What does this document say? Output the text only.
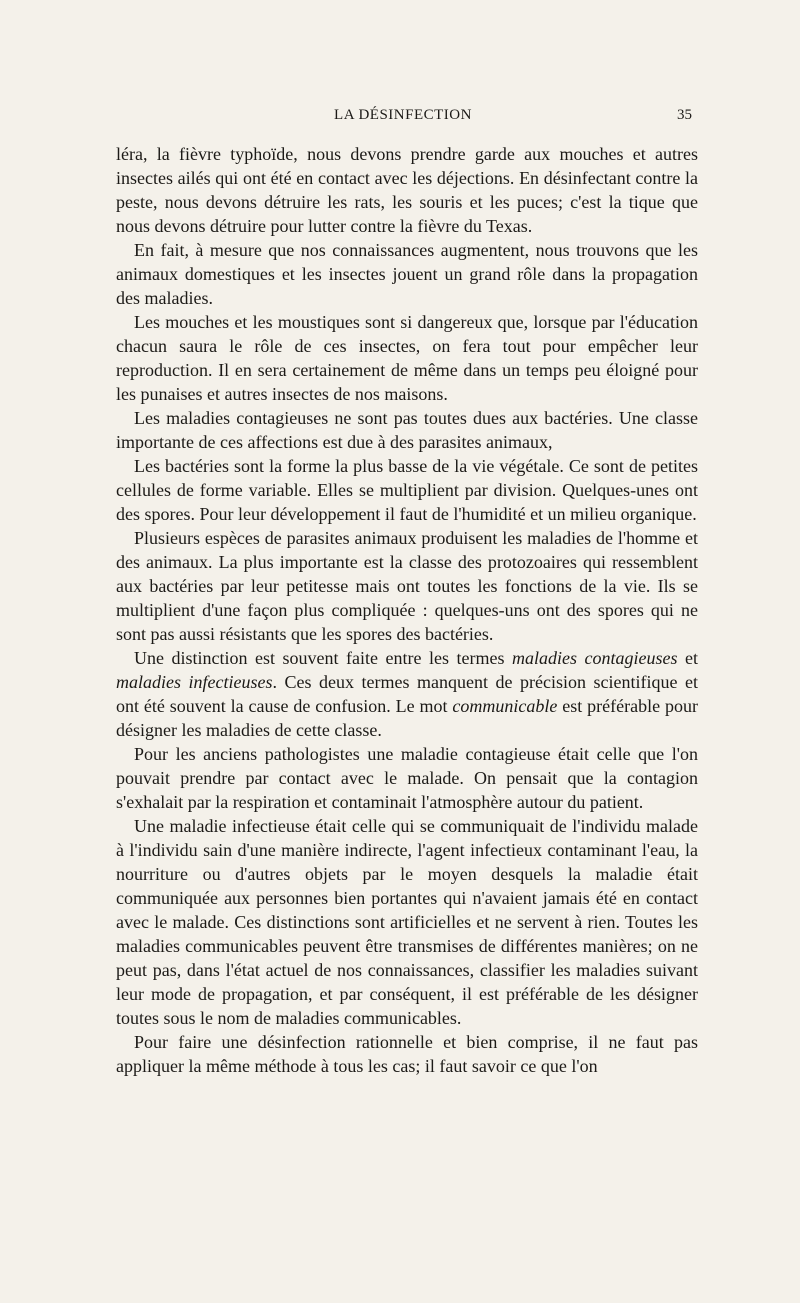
LA DÉSINFECTION	35

léra, la fièvre typhoïde, nous devons prendre garde aux mouches et autres insectes ailés qui ont été en contact avec les déjections. En désinfectant contre la peste, nous devons détruire les rats, les souris et les puces; c'est la tique que nous devons détruire pour lutter contre la fièvre du Texas.

En fait, à mesure que nos connaissances augmentent, nous trouvons que les animaux domestiques et les insectes jouent un grand rôle dans la propagation des maladies.

Les mouches et les moustiques sont si dangereux que, lorsque par l'éducation chacun saura le rôle de ces insectes, on fera tout pour empêcher leur reproduction. Il en sera certainement de même dans un temps peu éloigné pour les punaises et autres insectes de nos maisons.

Les maladies contagieuses ne sont pas toutes dues aux bactéries. Une classe importante de ces affections est due à des parasites animaux,

Les bactéries sont la forme la plus basse de la vie végétale. Ce sont de petites cellules de forme variable. Elles se multiplient par division. Quelques-unes ont des spores. Pour leur développement il faut de l'humidité et un milieu organique.

Plusieurs espèces de parasites animaux produisent les maladies de l'homme et des animaux. La plus importante est la classe des protozoaires qui ressemblent aux bactéries par leur petitesse mais ont toutes les fonctions de la vie. Ils se multiplient d'une façon plus compliquée : quelques-uns ont des spores qui ne sont pas aussi résistants que les spores des bactéries.

Une distinction est souvent faite entre les termes maladies contagieuses et maladies infectieuses. Ces deux termes manquent de précision scientifique et ont été souvent la cause de confusion. Le mot communicable est préférable pour désigner les maladies de cette classe.

Pour les anciens pathologistes une maladie contagieuse était celle que l'on pouvait prendre par contact avec le malade. On pensait que la contagion s'exhalait par la respiration et contaminait l'atmosphère autour du patient.

Une maladie infectieuse était celle qui se communiquait de l'individu malade à l'individu sain d'une manière indirecte, l'agent infectieux contaminant l'eau, la nourriture ou d'autres objets par le moyen desquels la maladie était communiquée aux personnes bien portantes qui n'avaient jamais été en contact avec le malade. Ces distinctions sont artificielles et ne servent à rien. Toutes les maladies communicables peuvent être transmises de différentes manières; on ne peut pas, dans l'état actuel de nos connaissances, classifier les maladies suivant leur mode de propagation, et par conséquent, il est préférable de les désigner toutes sous le nom de maladies communicables.

Pour faire une désinfection rationnelle et bien comprise, il ne faut pas appliquer la même méthode à tous les cas; il faut savoir ce que l'on
